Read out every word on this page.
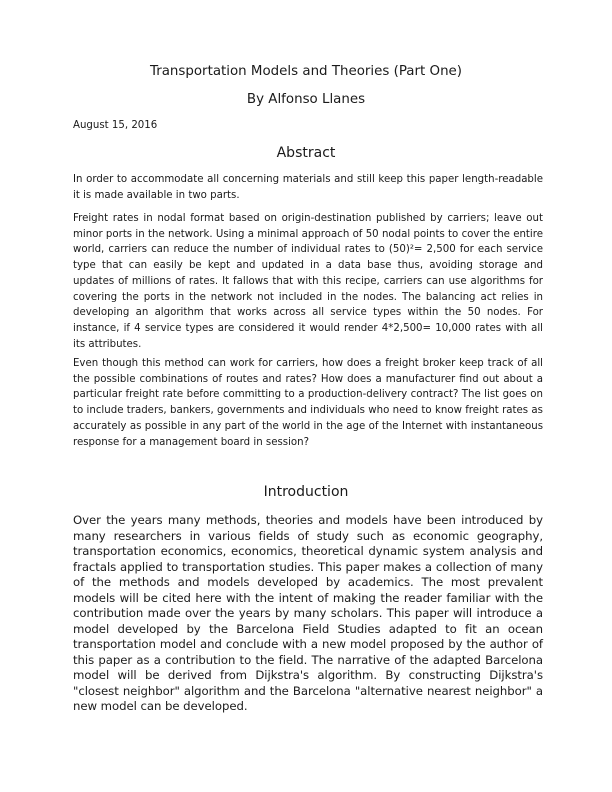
Transportation Models and Theories (Part One)
By Alfonso Llanes
August 15, 2016
Abstract

In order to accommodate all concerning materials and still keep this paper length-readable it is made available in two parts.

Freight rates in nodal format based on origin-destination published by carriers; leave out minor ports in the network. Using a minimal approach of 50 nodal points to cover the entire world, carriers can reduce the number of individual rates to (50)²= 2,500 for each service type that can easily be kept and updated in a data base thus, avoiding storage and updates of millions of rates. It fallows that with this recipe, carriers can use algorithms for covering the ports in the network not included in the nodes. The balancing act relies in developing an algorithm that works across all service types within the 50 nodes. For instance, if 4 service types are considered it would render 4*2,500= 10,000 rates with all its attributes.

Even though this method can work for carriers, how does a freight broker keep track of all the possible combinations of routes and rates? How does a manufacturer find out about a particular freight rate before committing to a production-delivery contract? The list goes on to include traders, bankers, governments and individuals who need to know freight rates as accurately as possible in any part of the world in the age of the Internet with instantaneous response for a management board in session?

Introduction

Over the years many methods, theories and models have been introduced by many researchers in various fields of study such as economic geography, transportation economics, economics, theoretical dynamic system analysis and fractals applied to transportation studies. This paper makes a collection of many of the methods and models developed by academics. The most prevalent models will be cited here with the intent of making the reader familiar with the contribution made over the years by many scholars. This paper will introduce a model developed by the Barcelona Field Studies adapted to fit an ocean transportation model and conclude with a new model proposed by the author of this paper as a contribution to the field. The narrative of the adapted Barcelona model will be derived from Dijkstra's algorithm. By constructing Dijkstra's "closest neighbor" algorithm and the Barcelona "alternative nearest neighbor" a new model can be developed.
